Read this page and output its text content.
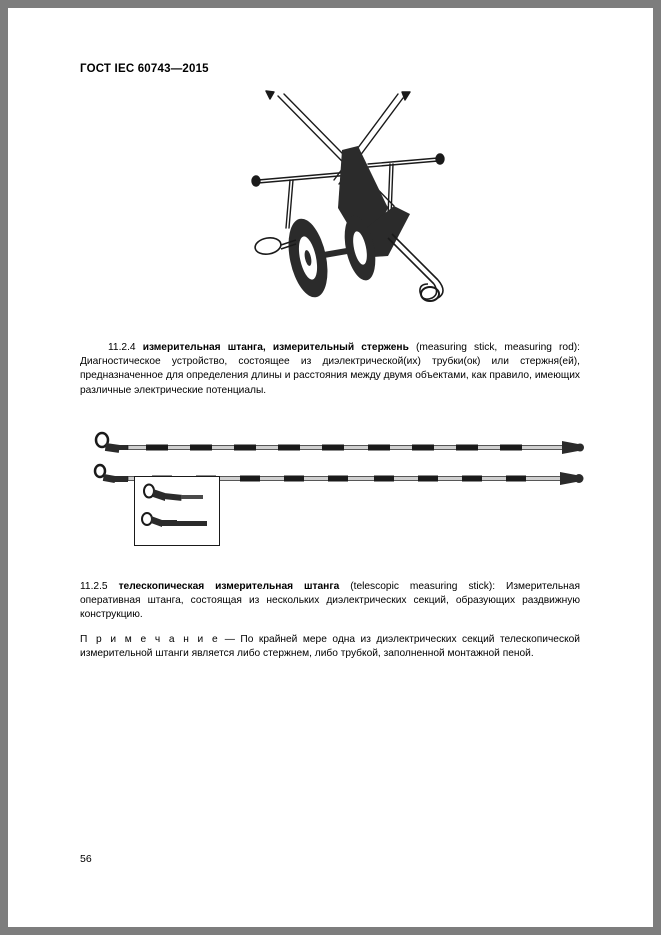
ГОСТ IEC 60743—2015
11.2.4 измерительная штанга, измерительный стержень (measuring stick, measuring rod): Диагностическое устройство, состоящее из диэлектрической(их) трубки(ок) или стержня(ей), предназначенное для определения длины и расстояния между двумя объектами, как правило, имеющих различные электрические потенциалы.
11.2.5 телескопическая измерительная штанга (telescopic measuring stick): Измерительная оперативная штанга, состоящая из нескольких диэлектрических секций, образующих раздвижную конструкцию.
П р и м е ч а н и е — По крайней мере одна из диэлектрических секций телескопической измерительной штанги является либо стержнем, либо трубкой, заполненной монтажной пеной.
56
